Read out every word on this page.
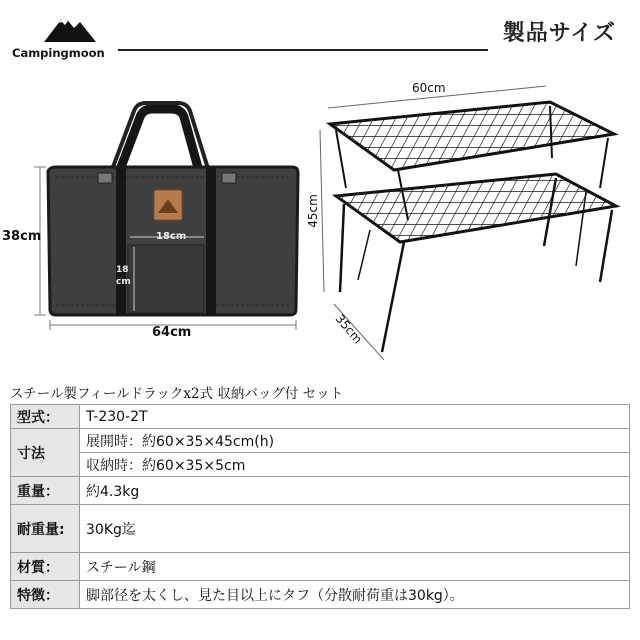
Campingmoon
製品サイズ
38cm
64cm
18cm
18
cm
60cm
45cm
35cm
スチール製フィールドラックx2式 収納バッグ付 セット
型式：	T-230-2T
寸法	展開時：約60×35×45cm(h)
	収納時：約60×35×5cm
重量：	約4.3kg
耐重量:	30Kg迄
材質：	スチール鋼
特徴：	脚部径を太くし、見た目以上にタフ（分散耐荷重は30kg）。
